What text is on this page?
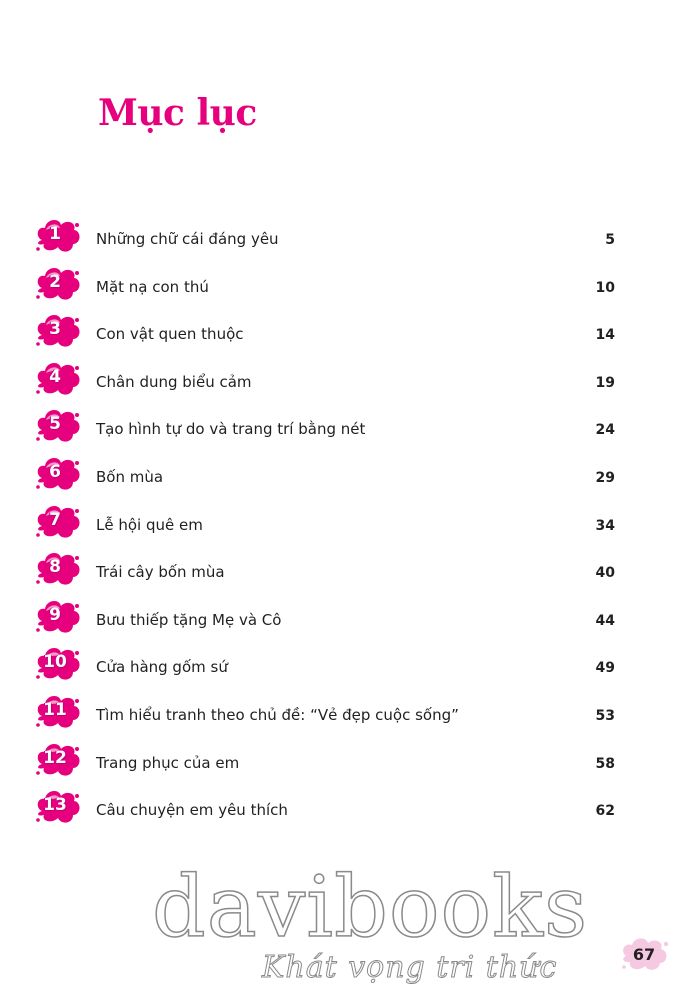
Mục lục
1	Những chữ cái đáng yêu	5
2	Mặt nạ con thú	10
3	Con vật quen thuộc	14
4	Chân dung biểu cảm	19
5	Tạo hình tự do và trang trí bằng nét	24
6	Bốn mùa	29
7	Lễ hội quê em	34
8	Trái cây bốn mùa	40
9	Bưu thiếp tặng Mẹ và Cô	44
10	Cửa hàng gốm sứ	49
11	Tìm hiểu tranh theo chủ đề: “Vẻ đẹp cuộc sống”	53
12	Trang phục của em	58
13	Câu chuyện em yêu thích	62
davibooks
Khát vọng tri thức	67
